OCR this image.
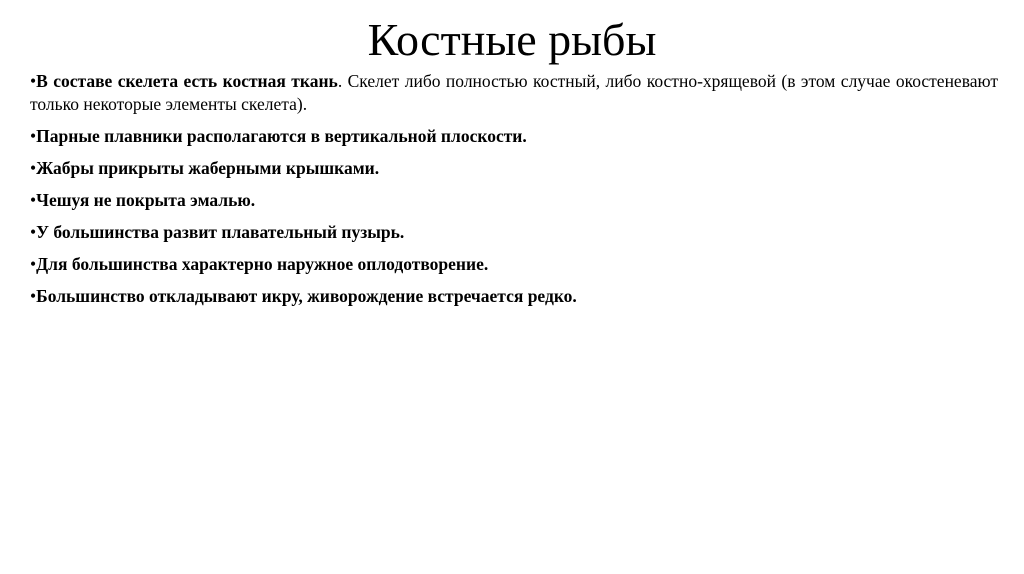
Костные рыбы
•В составе скелета есть костная ткань. Скелет либо полностью костный, либо костно-хрящевой (в этом случае окостеневают только некоторые элементы скелета).
•Парные плавники располагаются в вертикальной плоскости.
•Жабры прикрыты жаберными крышками.
•Чешуя не покрыта эмалью.
•У большинства развит плавательный пузырь.
•Для большинства характерно наружное оплодотворение.
•Большинство откладывают икру, живорождение встречается редко.
